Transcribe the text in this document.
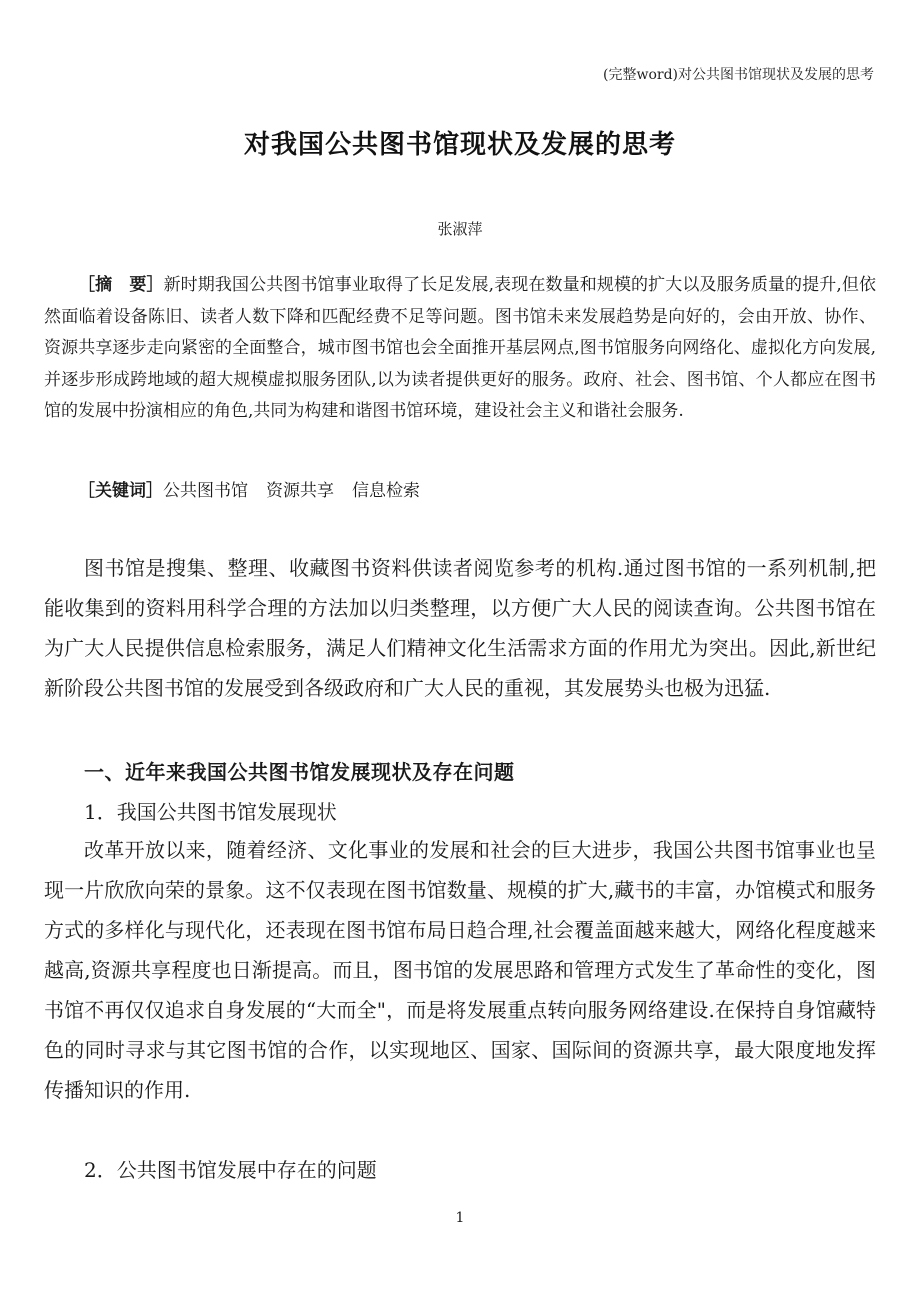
(完整word)对公共图书馆现状及发展的思考
对我国公共图书馆现状及发展的思考

张淑萍

［摘　要］新时期我国公共图书馆事业取得了长足发展,表现在数量和规模的扩大以及服务质量的提升,但依然面临着设备陈旧、读者人数下降和匹配经费不足等问题。图书馆未来发展趋势是向好的，会由开放、协作、资源共享逐步走向紧密的全面整合，城市图书馆也会全面推开基层网点,图书馆服务向网络化、虚拟化方向发展,并逐步形成跨地域的超大规模虚拟服务团队,以为读者提供更好的服务。政府、社会、图书馆、个人都应在图书馆的发展中扮演相应的角色,共同为构建和谐图书馆环境，建设社会主义和谐社会服务.

［关键词］公共图书馆 资源共享 信息检索

图书馆是搜集、整理、收藏图书资料供读者阅览参考的机构.通过图书馆的一系列机制,把能收集到的资料用科学合理的方法加以归类整理，以方便广大人民的阅读查询。公共图书馆在为广大人民提供信息检索服务，满足人们精神文化生活需求方面的作用尤为突出。因此,新世纪新阶段公共图书馆的发展受到各级政府和广大人民的重视，其发展势头也极为迅猛.

一、近年来我国公共图书馆发展现状及存在问题

1．我国公共图书馆发展现状

改革开放以来，随着经济、文化事业的发展和社会的巨大进步，我国公共图书馆事业也呈现一片欣欣向荣的景象。这不仅表现在图书馆数量、规模的扩大,藏书的丰富，办馆模式和服务方式的多样化与现代化，还表现在图书馆布局日趋合理,社会覆盖面越来越大，网络化程度越来越高,资源共享程度也日渐提高。而且，图书馆的发展思路和管理方式发生了革命性的变化，图书馆不再仅仅追求自身发展的“大而全"，而是将发展重点转向服务网络建设.在保持自身馆藏特色的同时寻求与其它图书馆的合作，以实现地区、国家、国际间的资源共享，最大限度地发挥传播知识的作用.

2．公共图书馆发展中存在的问题

1
